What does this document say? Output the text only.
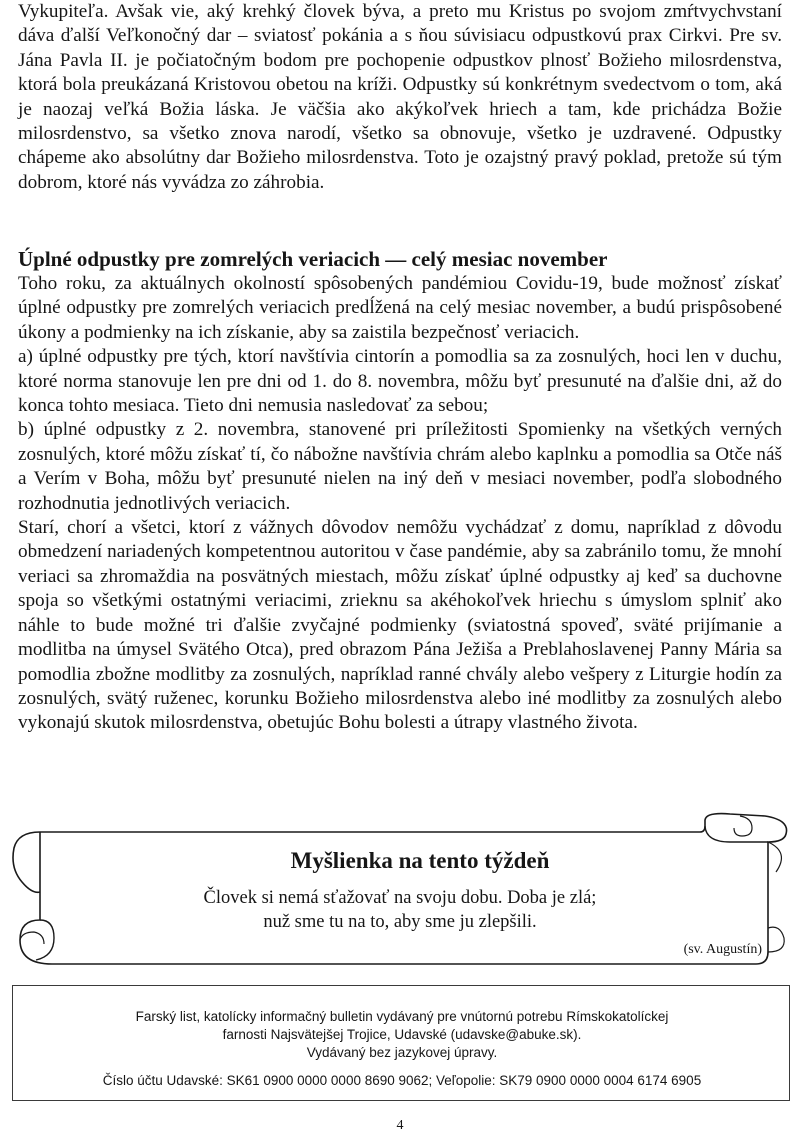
Vykupiteľa. Avšak vie, aký krehký človek býva, a preto mu Kristus po svojom zmŕtvychvstaní dáva ďalší Veľkonočný dar – sviatosť pokánia a s ňou súvisiacu odpustkovú prax Cirkvi. Pre sv. Jána Pavla II. je počiatočným bodom pre pochopenie odpustkov plnosť Božieho milosrdenstva, ktorá bola preukázaná Kristovou obetou na kríži. Odpustky sú konkrétnym svedectvom o tom, aká je naozaj veľká Božia láska. Je väčšia ako akýkoľvek hriech a tam, kde prichádza Božie milosrdenstvo, sa všetko znova narodí, všetko sa obnovuje, všetko je uzdravené. Odpustky chápeme ako absolútny dar Božieho milosrdenstva. Toto je ozajstný pravý poklad, pretože sú tým dobrom, ktoré nás vyvádza zo záhrobia.

Úplné odpustky pre zomrelých veriacich — celý mesiac november

Toho roku, za aktuálnych okolností spôsobených pandémiou Covidu-19, bude možnosť získať úplné odpustky pre zomrelých veriacich predĺžená na celý mesiac november, a budú prispôsobené úkony a podmienky na ich získanie, aby sa zaistila bezpečnosť veriacich.

a) úplné odpustky pre tých, ktorí navštívia cintorín a pomodlia sa za zosnulých, hoci len v duchu, ktoré norma stanovuje len pre dni od 1. do 8. novembra, môžu byť presunuté na ďalšie dni, až do konca tohto mesiaca. Tieto dni nemusia nasledovať za sebou;

b) úplné odpustky z 2. novembra, stanovené pri príležitosti Spomienky na všetkých verných zosnulých, ktoré môžu získať tí, čo nábožne navštívia chrám alebo kaplnku a pomodlia sa Otče náš a Verím v Boha, môžu byť presunuté nielen na iný deň v mesiaci november, podľa slobodného rozhodnutia jednotlivých veriacich.

Starí, chorí a všetci, ktorí z vážnych dôvodov nemôžu vychádzať z domu, napríklad z dôvodu obmedzení nariadených kompetentnou autoritou v čase pandémie, aby sa zabránilo tomu, že mnohí veriaci sa zhromaždia na posvätných miestach, môžu získať úplné odpustky aj keď sa duchovne spoja so všetkými ostatnými veriacimi, zrieknu sa akéhokoľvek hriechu s úmyslom splniť ako náhle to bude možné tri ďalšie zvyčajné podmienky (sviatostná spoveď, sväté prijímanie a modlitba na úmysel Svätého Otca), pred obrazom Pána Ježiša a Preblahoslavenej Panny Mária sa pomodlia zbožne modlitby za zosnulých, napríklad ranné chvály alebo vešpery z Liturgie hodín za zosnulých, svätý ruženec, korunku Božieho milosrdenstva alebo iné modlitby za zosnulých alebo vykonajú skutok milosrdenstva, obetujúc Bohu bolesti a útrapy vlastného života.

Myšlienka na tento týždeň
Človek si nemá sťažovať na svoju dobu. Doba je zlá;
nuž sme tu na to, aby sme ju zlepšili.
(sv. Augustín)
Farský list, katolícky informačný bulletin vydávaný pre vnútornú potrebu Rímskokatolíckej
farnosti Najsvätejšej Trojice, Udavské (udavske@abuke.sk).
Vydávaný bez jazykovej úpravy.
Číslo účtu Udavské: SK61 0900 0000 0000 8690 9062; Veľopolie: SK79 0900 0000 0004 6174 6905
4
